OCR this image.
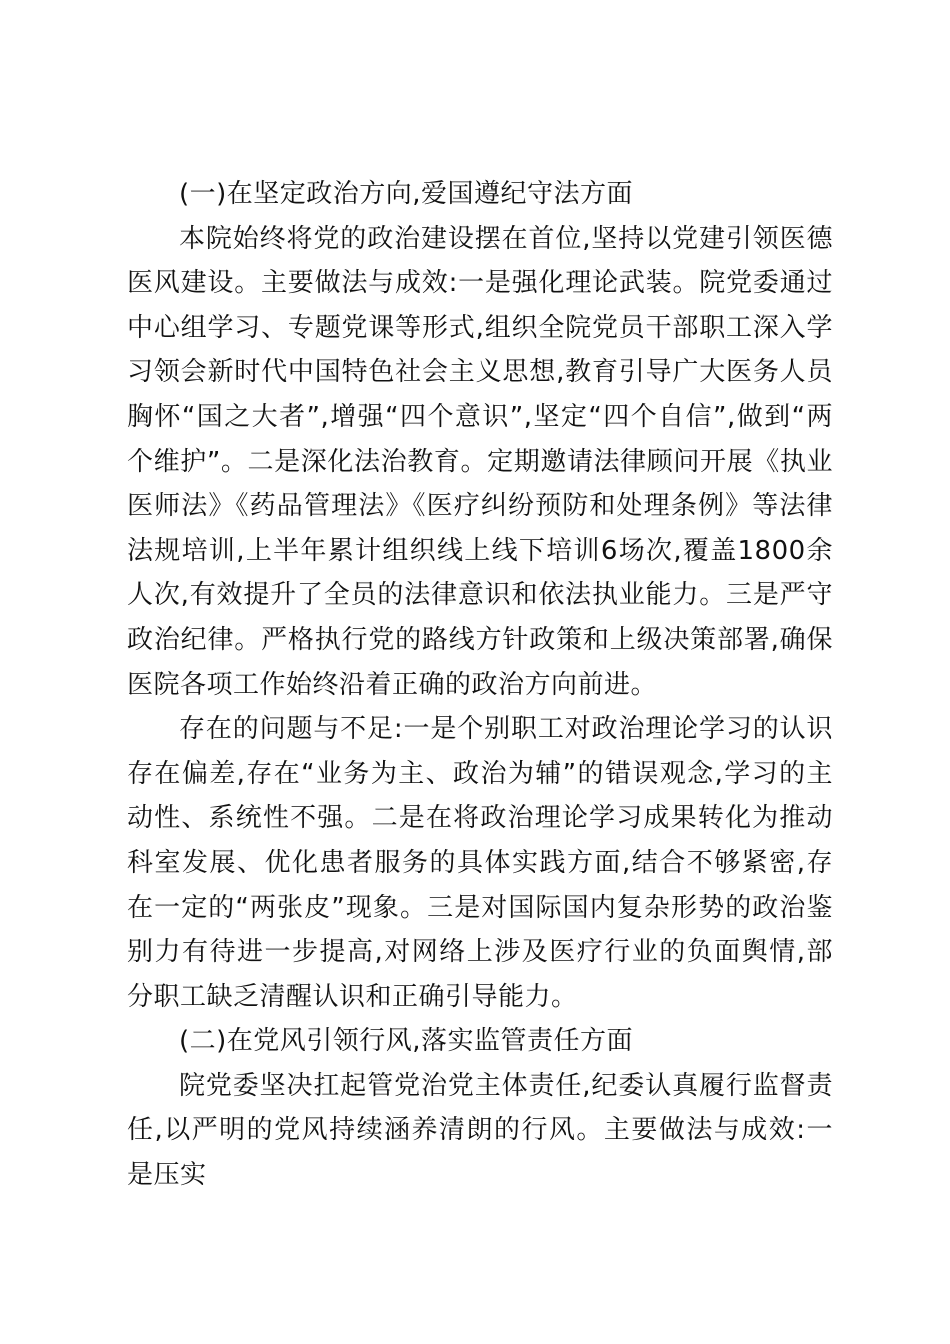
(一)在坚定政治方向,爱国遵纪守法方面

本院始终将党的政治建设摆在首位,坚持以党建引领医德医风建设。主要做法与成效:一是强化理论武装。院党委通过中心组学习、专题党课等形式,组织全院党员干部职工深入学习领会新时代中国特色社会主义思想,教育引导广大医务人员胸怀“国之大者”,增强“四个意识”,坚定“四个自信”,做到“两个维护”。二是深化法治教育。定期邀请法律顾问开展《执业医师法》《药品管理法》《医疗纠纷预防和处理条例》等法律法规培训,上半年累计组织线上线下培训6场次,覆盖1800余人次,有效提升了全员的法律意识和依法执业能力。三是严守政治纪律。严格执行党的路线方针政策和上级决策部署,确保医院各项工作始终沿着正确的政治方向前进。

存在的问题与不足:一是个别职工对政治理论学习的认识存在偏差,存在“业务为主、政治为辅”的错误观念,学习的主动性、系统性不强。二是在将政治理论学习成果转化为推动科室发展、优化患者服务的具体实践方面,结合不够紧密,存在一定的“两张皮”现象。三是对国际国内复杂形势的政治鉴别力有待进一步提高,对网络上涉及医疗行业的负面舆情,部分职工缺乏清醒认识和正确引导能力。

(二)在党风引领行风,落实监管责任方面

院党委坚决扛起管党治党主体责任,纪委认真履行监督责任,以严明的党风持续涵养清朗的行风。主要做法与成效:一是压实
